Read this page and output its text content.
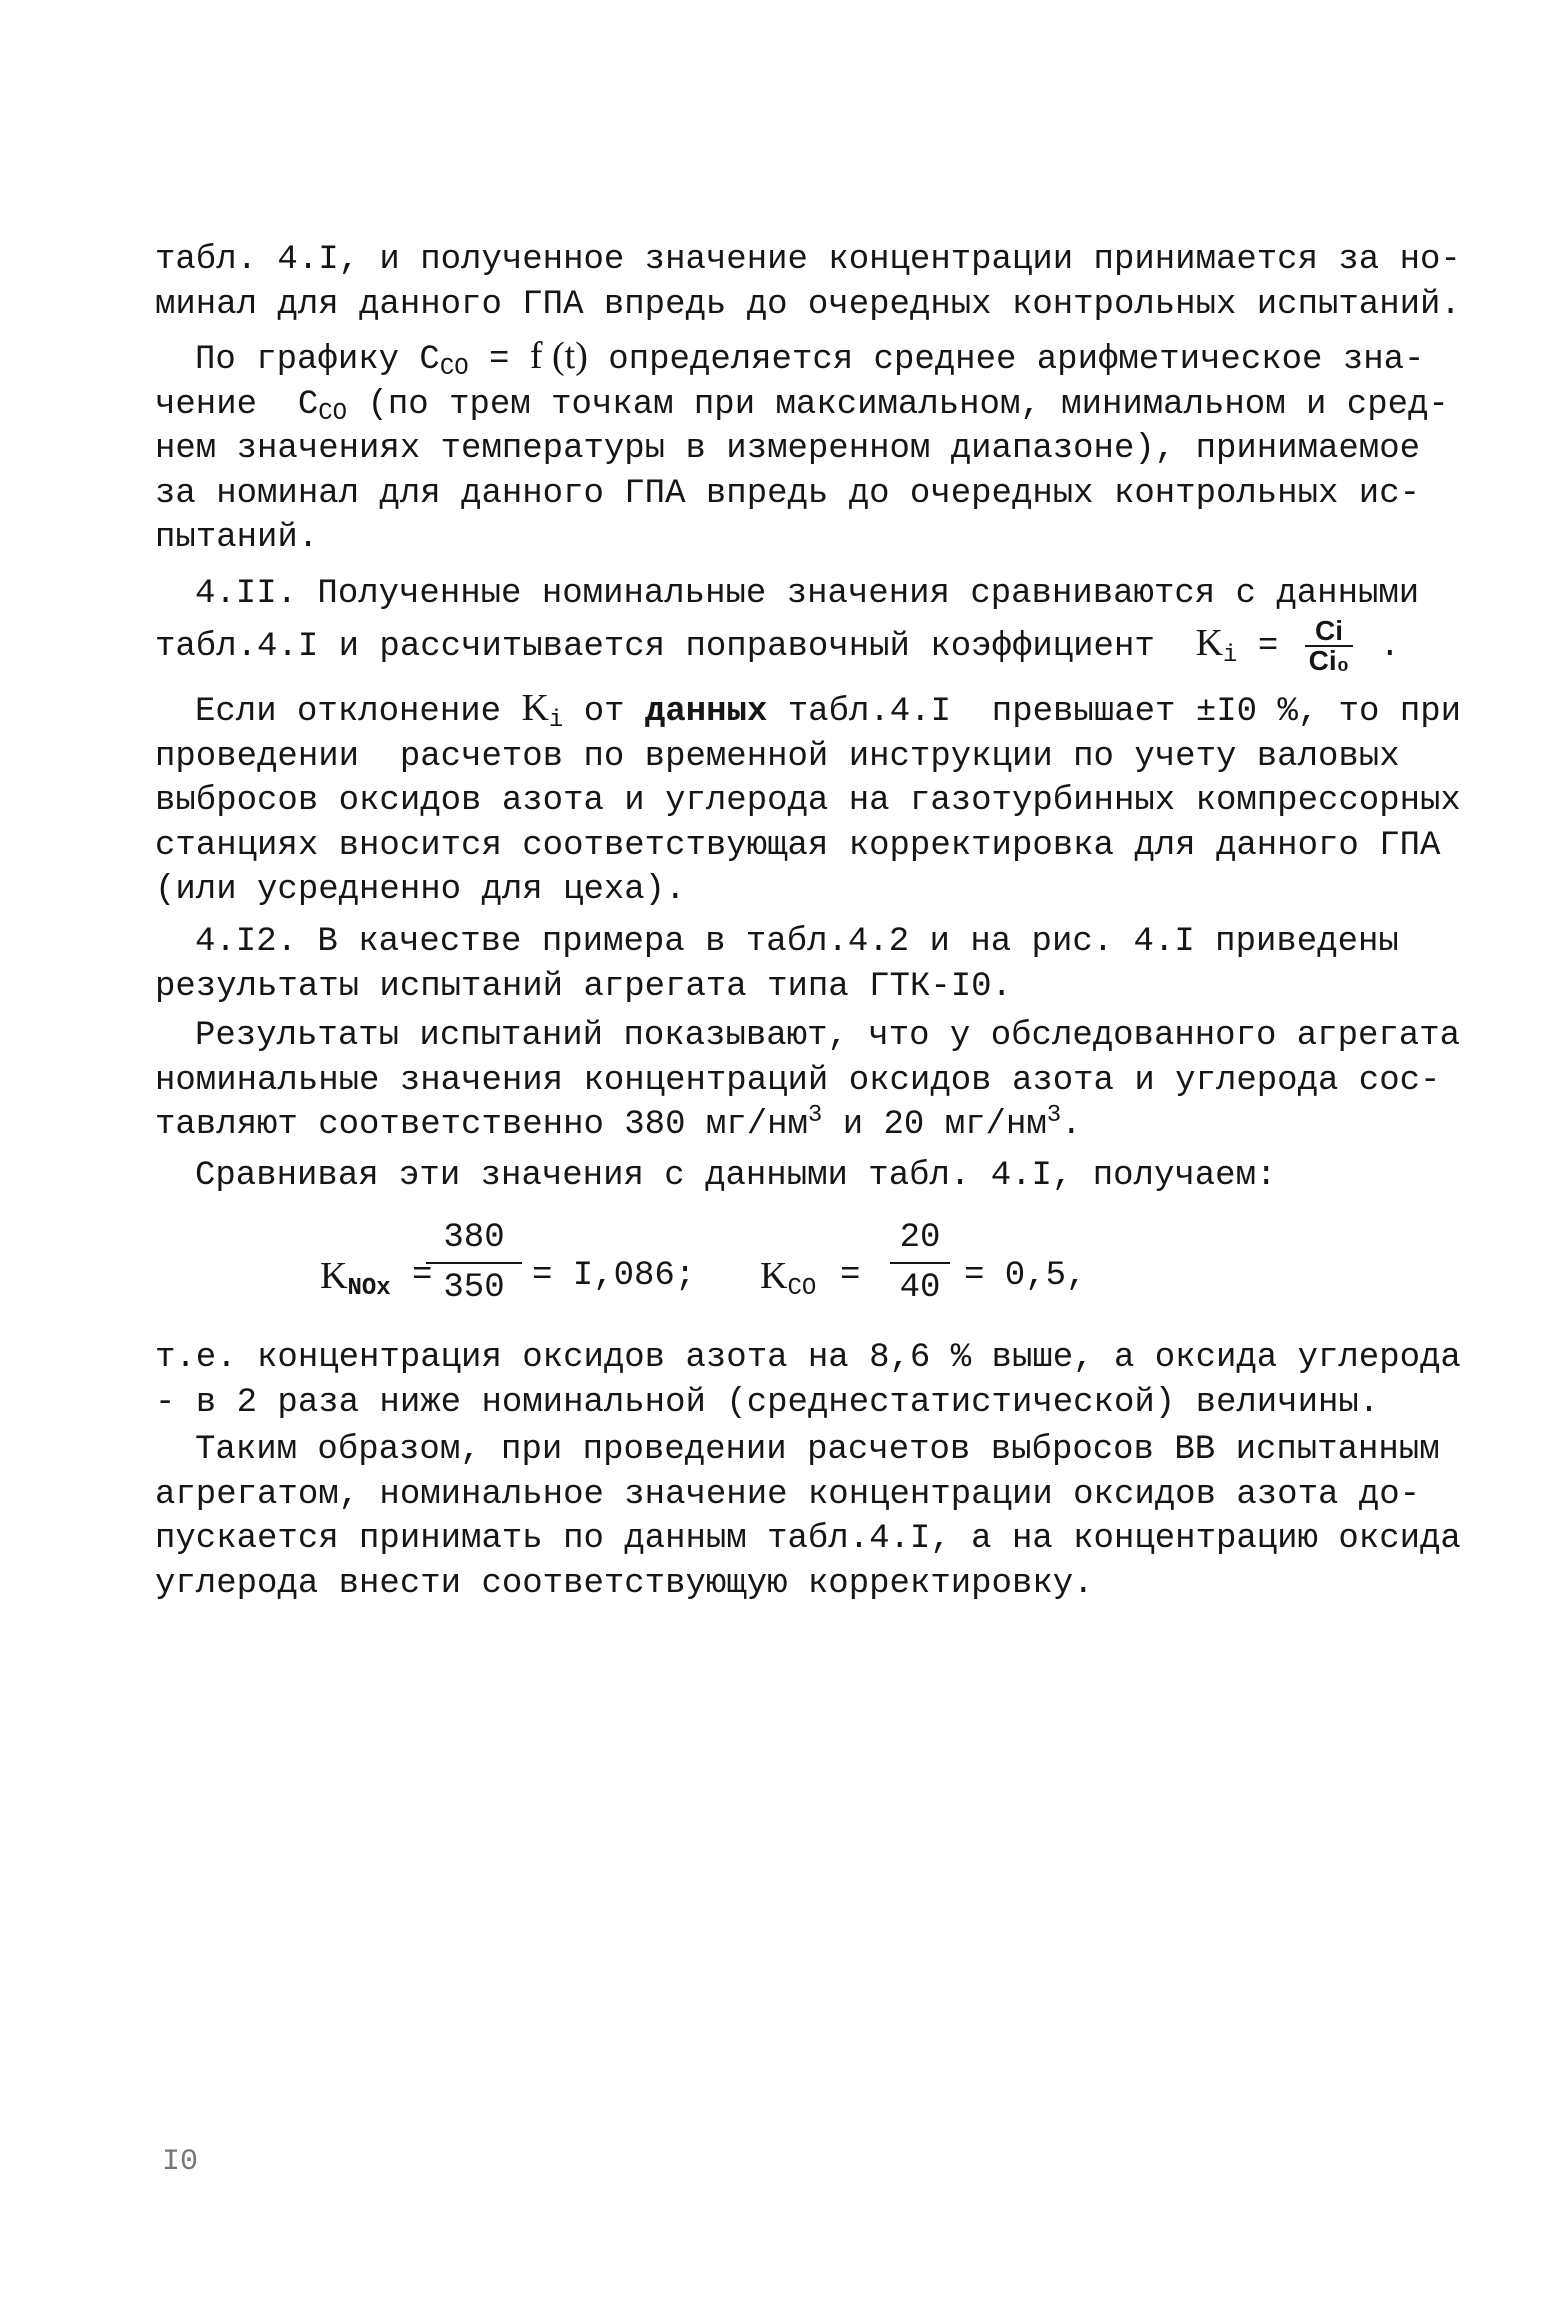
табл. 4.I, и полученное значение концентрации принимается за но-
минал для данного ГПА впредь до очередных контрольных испытаний.
По графику $С_{CO} = f$ (t) определяется среднее арифметическое зна-
чение  $С_{CO}$ (по трем точкам при максимальном, минимальном и сред-
нем значениях температуры в измеренном диапазоне), принимаемое
за номинал для данного ГПА впредь до очередных контрольных ис-
пытаний.
4.II. Полученные номинальные значения сравниваются с данными
табл.4.I и рассчитывается поправочный коэффициент  $K_i = \frac{Ci}{\text{Ci₀}}$ .
Если отклонение $K_i$ от данных табл.4.I  превышает ±I0 %, то при
проведении  расчетов по временной инструкции по учету валовых
выбросов оксидов азота и углерода на газотурбинных компрессорных
станциях вносится соответствующая корректировка для данного ГПА
(или усредненно для цеха).
4.I2. В качестве примера в табл.4.2 и на рис. 4.I приведены
результаты испытаний агрегата типа ГТК-I0.
Результаты испытаний показывают, что у обследованного агрегата
номинальные значения концентраций оксидов азота и углерода сос-
тавляют соответственно 380 $мг/нм^3$ и 20 $мг/нм^3$.
Сравнивая эти значения с данными табл. 4.I, получаем:
$K_{NOx}$ =
380
350 = I,086; $K_{CO}$ =
20
40 = 0,5,
т.е. концентрация оксидов азота на 8,6 % выше, а оксида углерода
- в 2 раза ниже номинальной (среднестатистической) величины.
Таким образом, при проведении расчетов выбросов ВВ испытанным
агрегатом, номинальное значение концентрации оксидов азота до-
пускается принимать по данным табл.4.I, а на концентрацию оксида
углерода внести соответствующую корректировку.
I0
